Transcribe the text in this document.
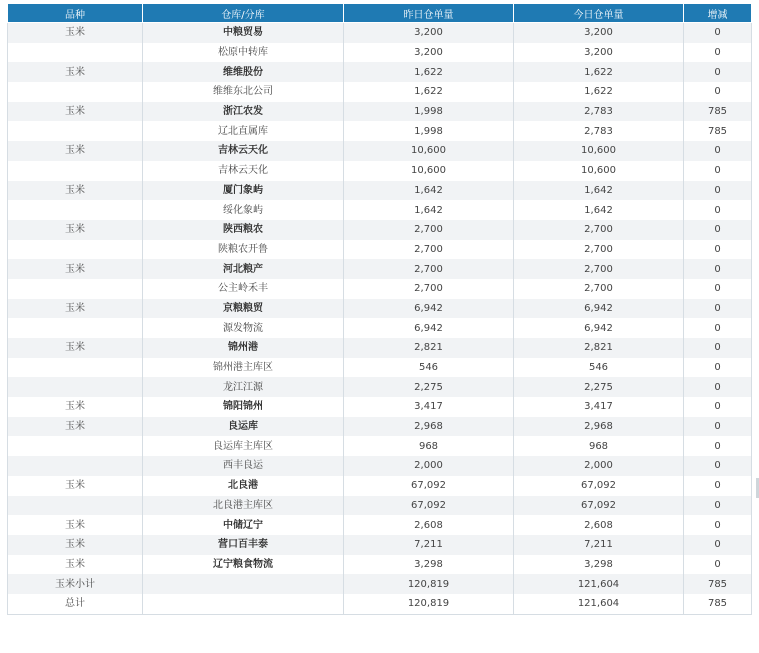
品种	仓库/分库	昨日仓单量	今日仓单量	增减
玉米	中粮贸易	3,200	3,200	0
	松原中转库	3,200	3,200	0
玉米	维维股份	1,622	1,622	0
	维维东北公司	1,622	1,622	0
玉米	浙江农发	1,998	2,783	785
	辽北直属库	1,998	2,783	785
玉米	吉林云天化	10,600	10,600	0
	吉林云天化	10,600	10,600	0
玉米	厦门象屿	1,642	1,642	0
	绥化象屿	1,642	1,642	0
玉米	陕西粮农	2,700	2,700	0
	陕粮农开鲁	2,700	2,700	0
玉米	河北粮产	2,700	2,700	0
	公主岭禾丰	2,700	2,700	0
玉米	京粮粮贸	6,942	6,942	0
	源发物流	6,942	6,942	0
玉米	锦州港	2,821	2,821	0
	锦州港主库区	546	546	0
	龙江江源	2,275	2,275	0
玉米	锦阳锦州	3,417	3,417	0
玉米	良运库	2,968	2,968	0
	良运库主库区	968	968	0
	西丰良运	2,000	2,000	0
玉米	北良港	67,092	67,092	0
	北良港主库区	67,092	67,092	0
玉米	中储辽宁	2,608	2,608	0
玉米	营口百丰泰	7,211	7,211	0
玉米	辽宁粮食物流	3,298	3,298	0
玉米小计		120,819	121,604	785
总计		120,819	121,604	785
